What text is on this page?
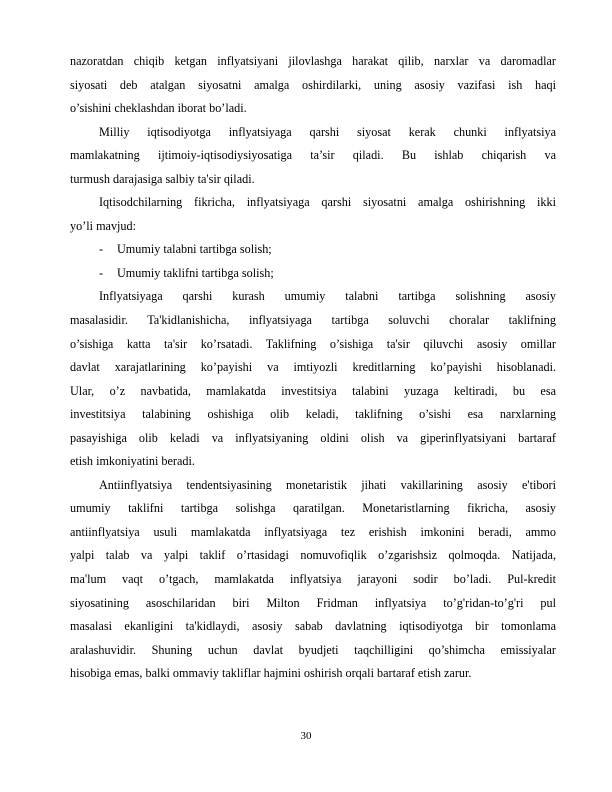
nazoratdan chiqib ketgan inflyatsiyani jilovlashga harakat qilib, narxlar va daromadlar
siyosati deb atalgan siyosatni amalga oshirdilarki, uning asosiy vazifasi ish haqi
o’sishini cheklashdan iborat bo’ladi.
Milliy iqtisodiyotga inflyatsiyaga qarshi siyosat kerak chunki inflyatsiya
mamlakatning ijtimoiy-iqtisodiysiyosatiga ta’sir qiladi. Bu ishlab chiqarish va
turmush darajasiga salbiy ta'sir qiladi.
Iqtisodchilarning fikricha, inflyatsiyaga qarshi siyosatni amalga oshirishning ikki
yo’li mavjud:
-	Umumiy talabni tartibga solish;
-	Umumiy taklifni tartibga solish;
Inflyatsiyaga qarshi kurash umumiy talabni tartibga solishning asosiy
masalasidir. Ta'kidlanishicha, inflyatsiyaga tartibga soluvchi choralar taklifning
o’sishiga katta ta'sir ko’rsatadi. Taklifning o’sishiga ta'sir qiluvchi asosiy omillar
davlat xarajatlarining ko’payishi va imtiyozli kreditlarning ko’payishi hisoblanadi.
Ular, o’z navbatida, mamlakatda investitsiya talabini yuzaga keltiradi, bu esa
investitsiya talabining oshishiga olib keladi, taklifning o’sishi esa narxlarning
pasayishiga olib keladi va inflyatsiyaning oldini olish va giperinflyatsiyani bartaraf
etish imkoniyatini beradi.
Antiinflyatsiya tendentsiyasining monetaristik jihati vakillarining asosiy e'tibori
umumiy taklifni tartibga solishga qaratilgan. Monetaristlarning fikricha, asosiy
antiinflyatsiya usuli mamlakatda inflyatsiyaga tez erishish imkonini beradi, ammo
yalpi talab va yalpi taklif o’rtasidagi nomuvofiqlik o’zgarishsiz qolmoqda. Natijada,
ma'lum vaqt o’tgach, mamlakatda inflyatsiya jarayoni sodir bo’ladi. Pul-kredit
siyosatining asoschilaridan biri Milton Fridman inflyatsiya to’g'ridan-to’g'ri pul
masalasi ekanligini ta'kidlaydi, asosiy sabab davlatning iqtisodiyotga bir tomonlama
aralashuvidir. Shuning uchun davlat byudjeti taqchilligini qo’shimcha emissiyalar
hisobiga emas, balki ommaviy takliflar hajmini oshirish orqali bartaraf etish zarur.
30
